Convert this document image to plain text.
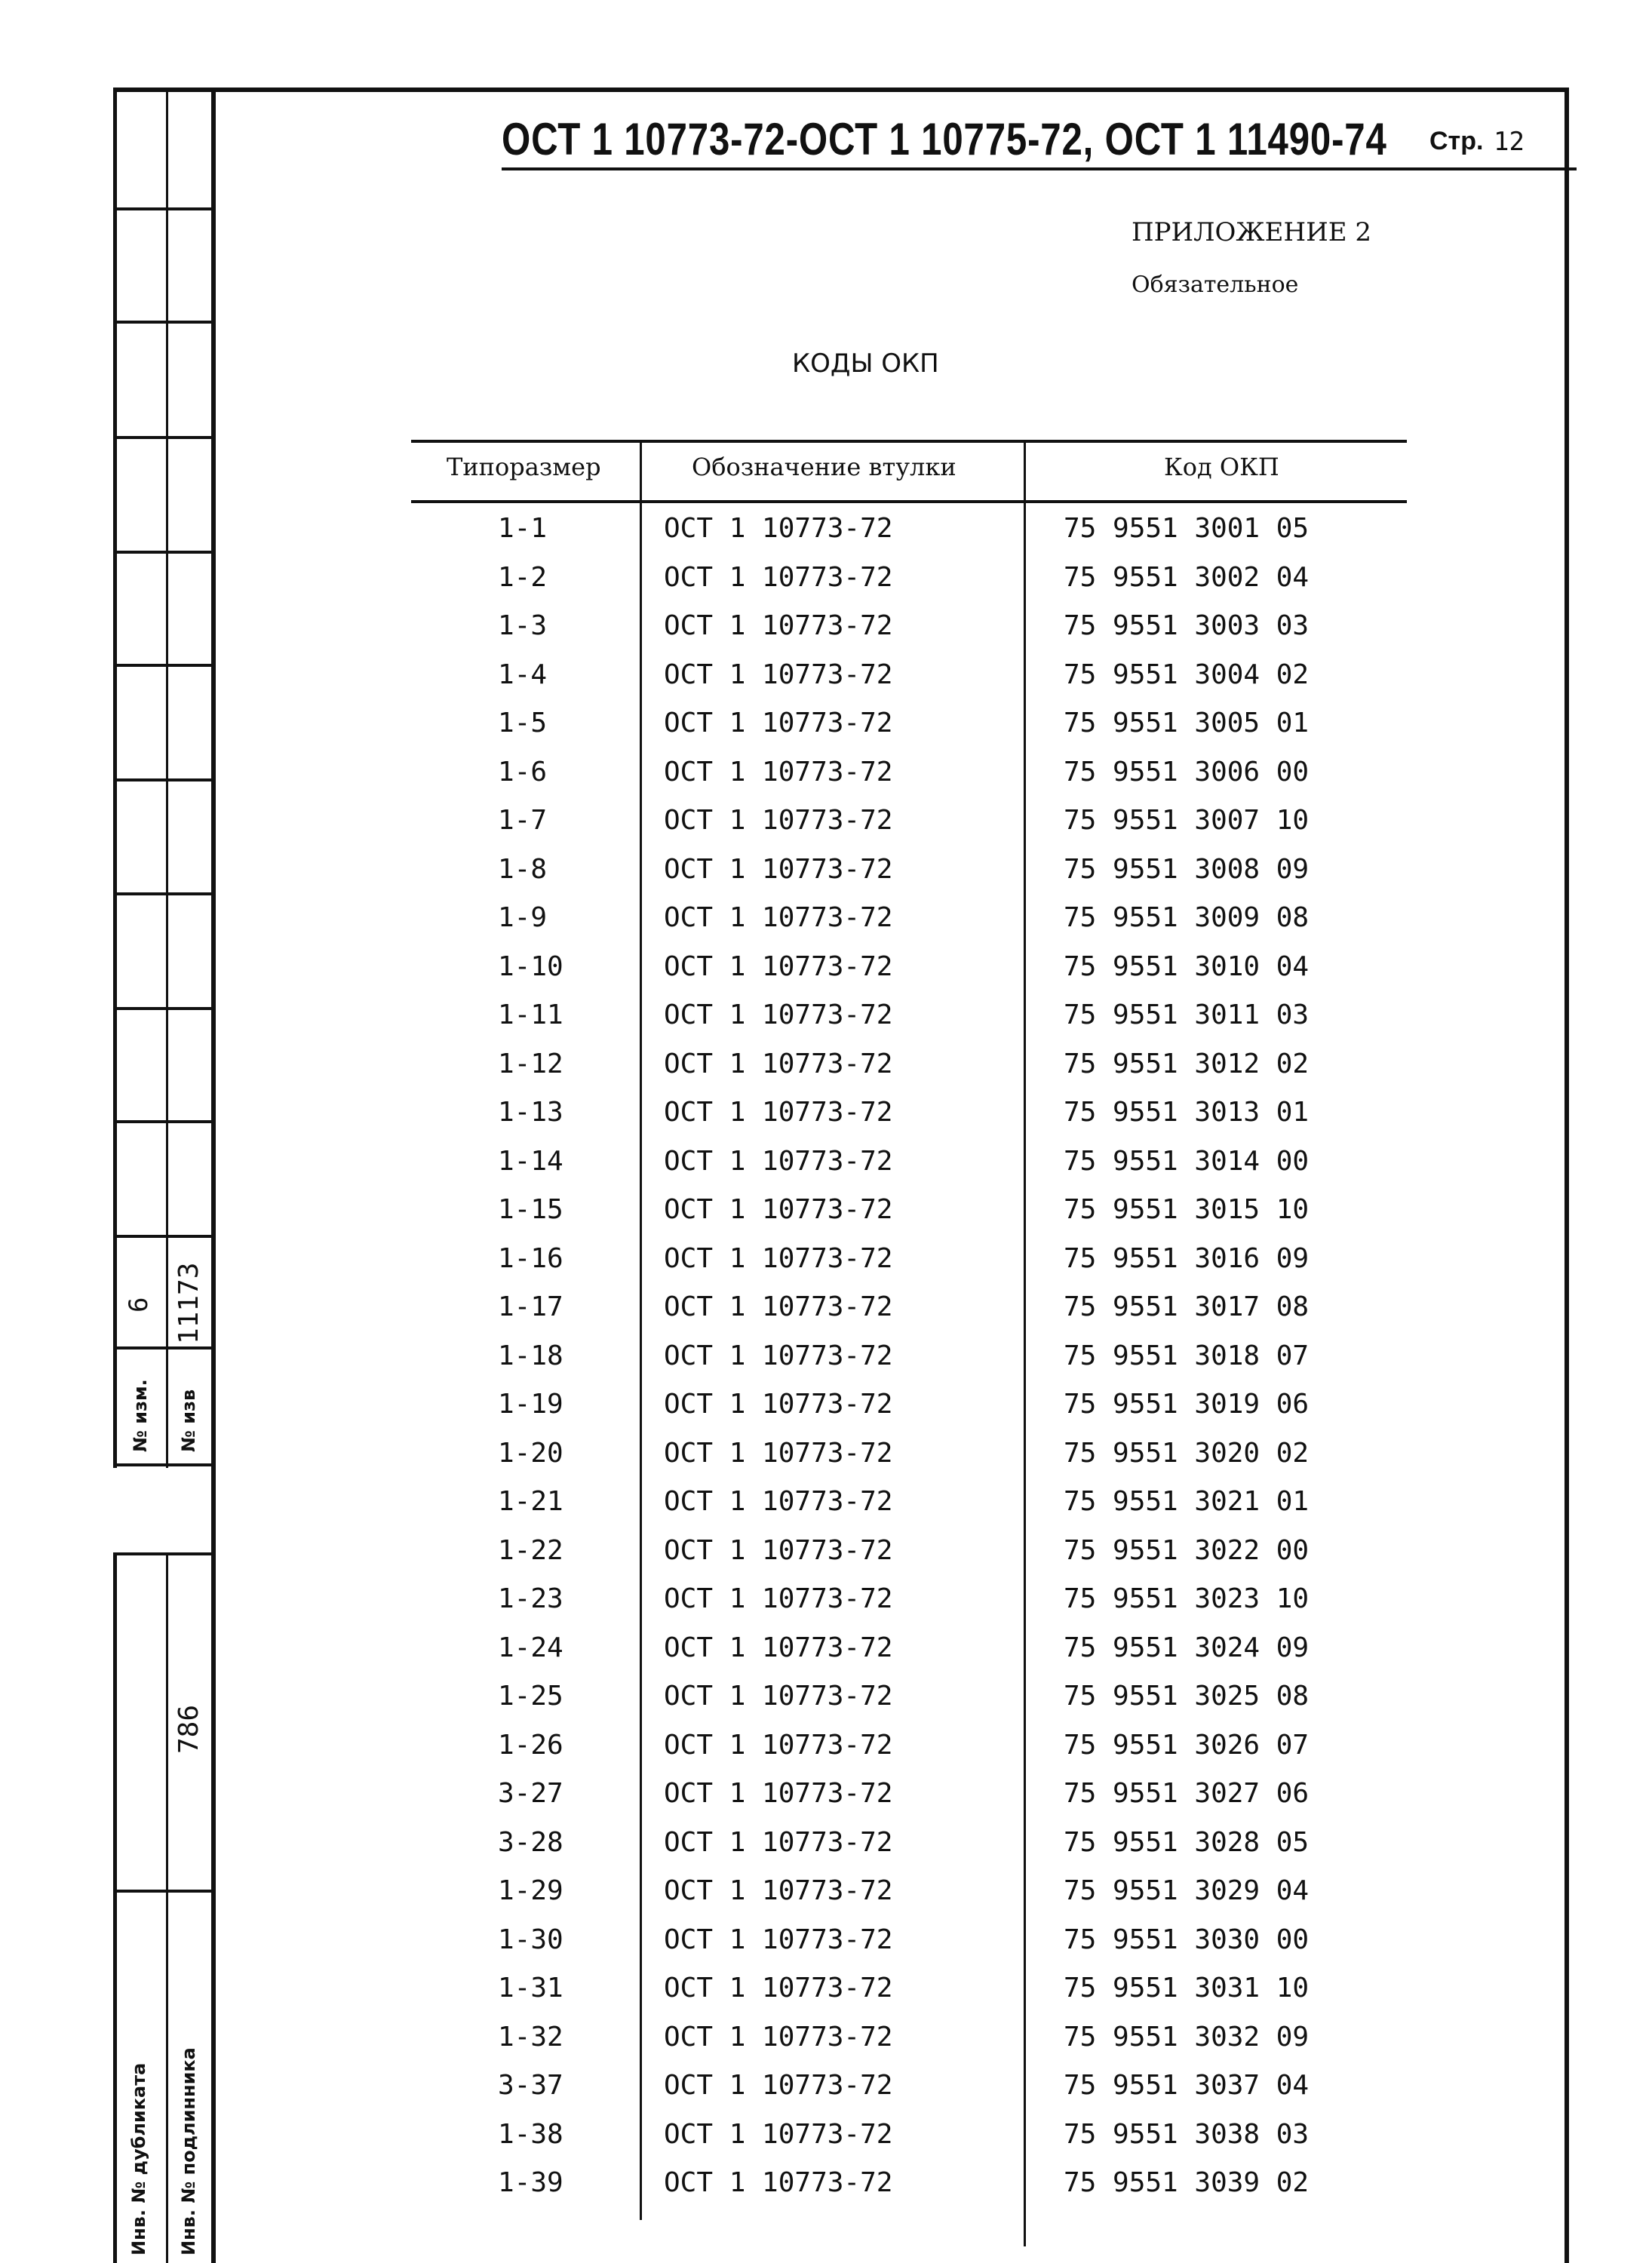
№ изм.
6
№ изв
11173
Инв. № дубликата Инв. № подлинника
786
ОСТ 1 10773-72-ОСТ 1 10775-72, ОСТ 1 11490-74 Стр. 12
ПРИЛОЖЕНИЕ 2
Обязательное
КОДЫ ОКП
Типоразмер	Обозначение втулки	Код ОКП
1-1	ОСТ 1 10773-72	75 9551 3001 05
1-2	ОСТ 1 10773-72	75 9551 3002 04
1-3	ОСТ 1 10773-72	75 9551 3003 03
1-4	ОСТ 1 10773-72	75 9551 3004 02
1-5	ОСТ 1 10773-72	75 9551 3005 01
1-6	ОСТ 1 10773-72	75 9551 3006 00
1-7	ОСТ 1 10773-72	75 9551 3007 10
1-8	ОСТ 1 10773-72	75 9551 3008 09
1-9	ОСТ 1 10773-72	75 9551 3009 08
1-10	ОСТ 1 10773-72	75 9551 3010 04
1-11	ОСТ 1 10773-72	75 9551 3011 03
1-12	ОСТ 1 10773-72	75 9551 3012 02
1-13	ОСТ 1 10773-72	75 9551 3013 01
1-14	ОСТ 1 10773-72	75 9551 3014 00
1-15	ОСТ 1 10773-72	75 9551 3015 10
1-16	ОСТ 1 10773-72	75 9551 3016 09
1-17	ОСТ 1 10773-72	75 9551 3017 08
1-18	ОСТ 1 10773-72	75 9551 3018 07
1-19	ОСТ 1 10773-72	75 9551 3019 06
1-20	ОСТ 1 10773-72	75 9551 3020 02
1-21	ОСТ 1 10773-72	75 9551 3021 01
1-22	ОСТ 1 10773-72	75 9551 3022 00
1-23	ОСТ 1 10773-72	75 9551 3023 10
1-24	ОСТ 1 10773-72	75 9551 3024 09
1-25	ОСТ 1 10773-72	75 9551 3025 08
1-26	ОСТ 1 10773-72	75 9551 3026 07
3-27	ОСТ 1 10773-72	75 9551 3027 06
3-28	ОСТ 1 10773-72	75 9551 3028 05
1-29	ОСТ 1 10773-72	75 9551 3029 04
1-30	ОСТ 1 10773-72	75 9551 3030 00
1-31	ОСТ 1 10773-72	75 9551 3031 10
1-32	ОСТ 1 10773-72	75 9551 3032 09
3-37	ОСТ 1 10773-72	75 9551 3037 04
1-38	ОСТ 1 10773-72	75 9551 3038 03
1-39	ОСТ 1 10773-72	75 9551 3039 02
